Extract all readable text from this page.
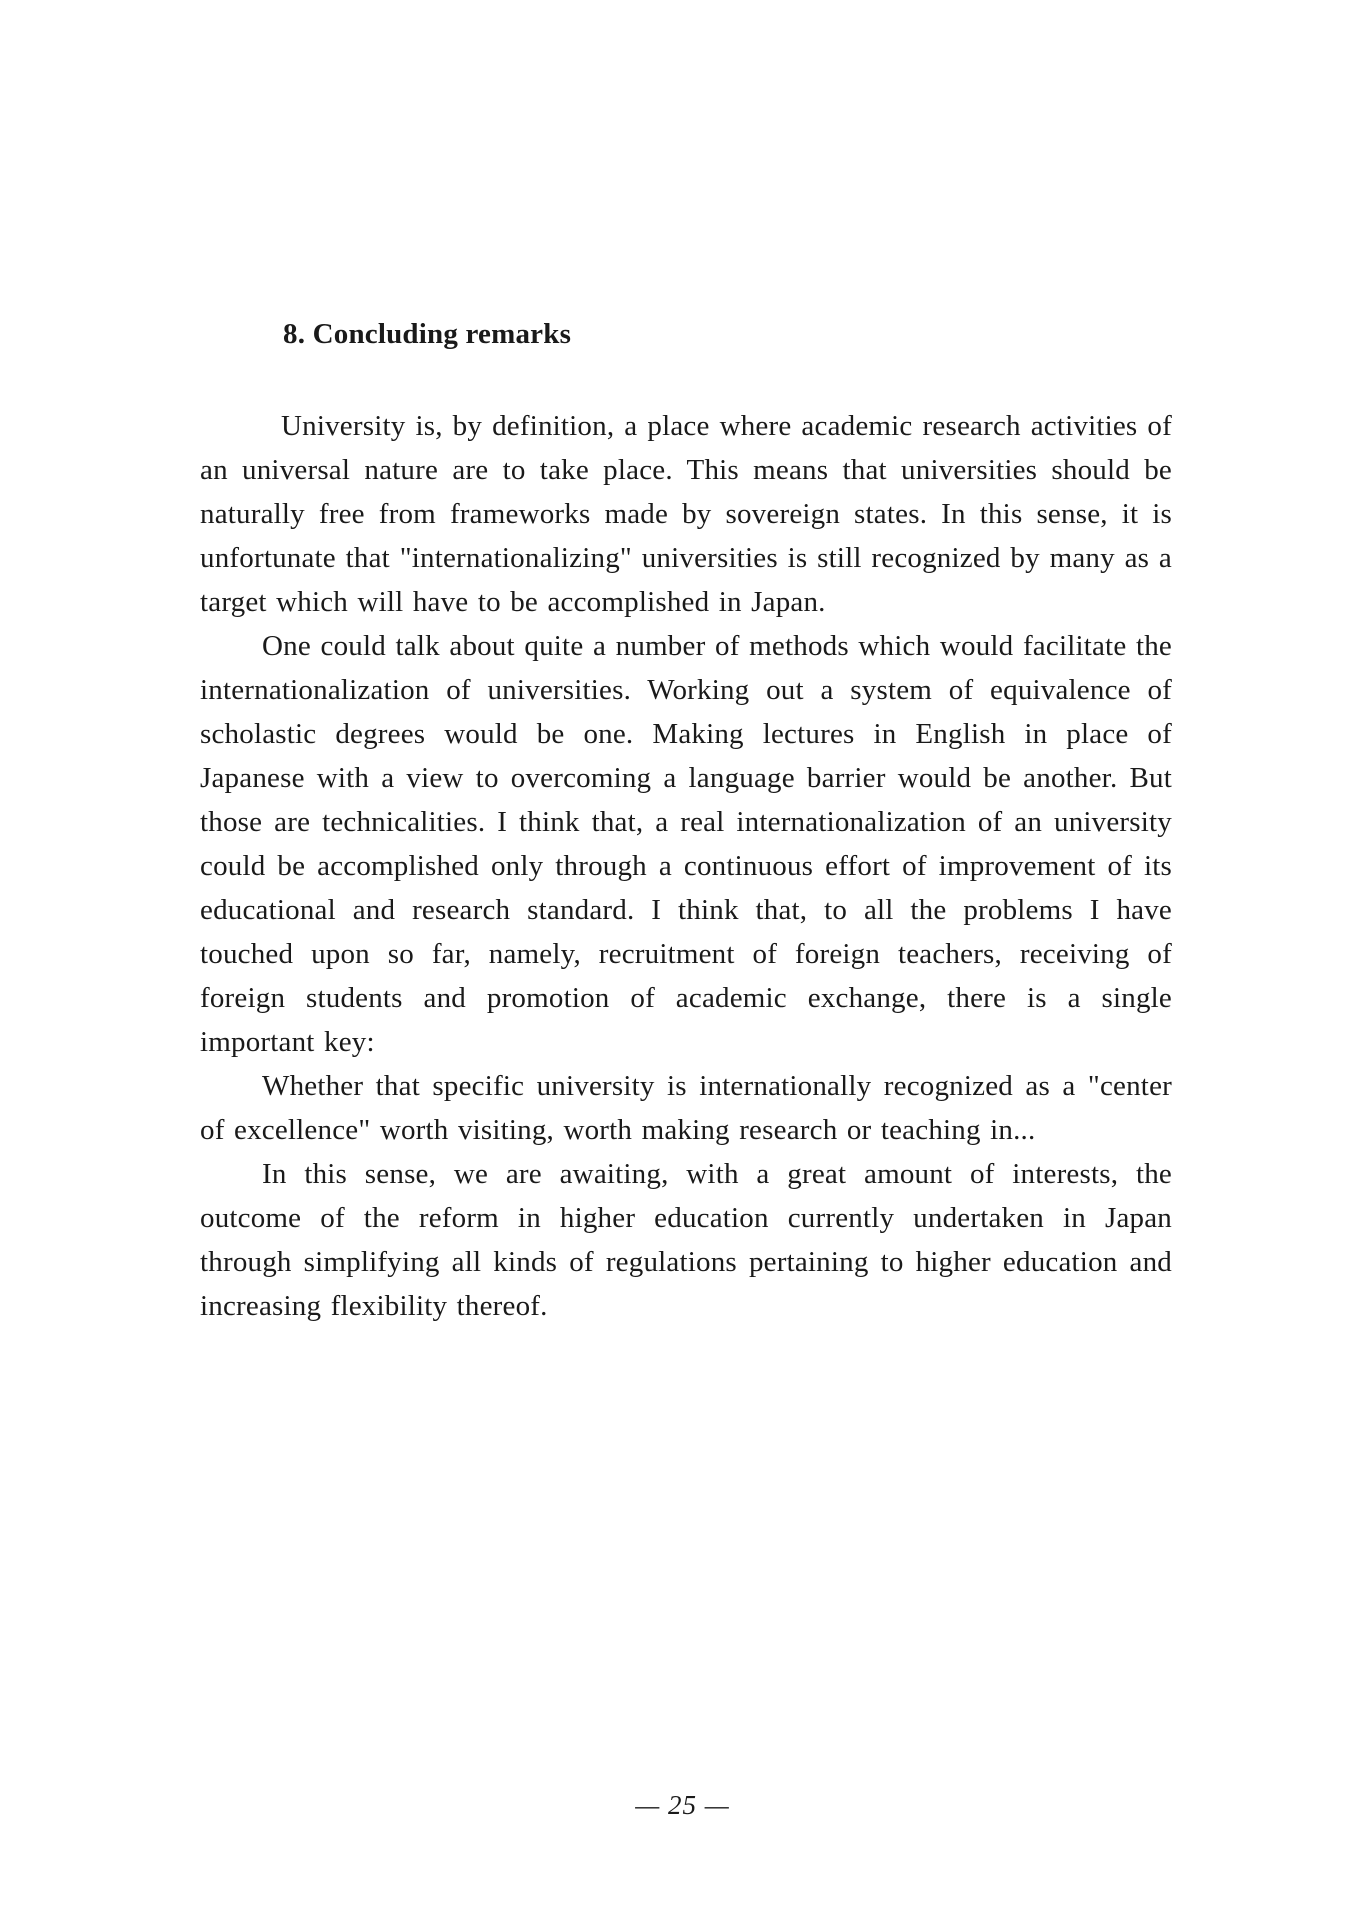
8. Concluding remarks

University is, by definition, a place where academic research activities of an universal nature are to take place. This means that universities should be naturally free from frameworks made by sovereign states. In this sense, it is unfortunate that "internationalizing" universities is still recognized by many as a target which will have to be accomplished in Japan.

One could talk about quite a number of methods which would facilitate the internationalization of universities. Working out a system of equivalence of scholastic degrees would be one. Making lectures in English in place of Japanese with a view to overcoming a language barrier would be another. But those are technicalities. I think that, a real internationalization of an university could be accomplished only through a continuous effort of improvement of its educational and research standard. I think that, to all the problems I have touched upon so far, namely, recruitment of foreign teachers, receiving of foreign students and promotion of academic exchange, there is a single important key:

Whether that specific university is internationally recognized as a "center of excellence" worth visiting, worth making research or teaching in...

In this sense, we are awaiting, with a great amount of interests, the outcome of the reform in higher education currently undertaken in Japan through simplifying all kinds of regulations pertaining to higher education and increasing flexibility thereof.

— 25 —
